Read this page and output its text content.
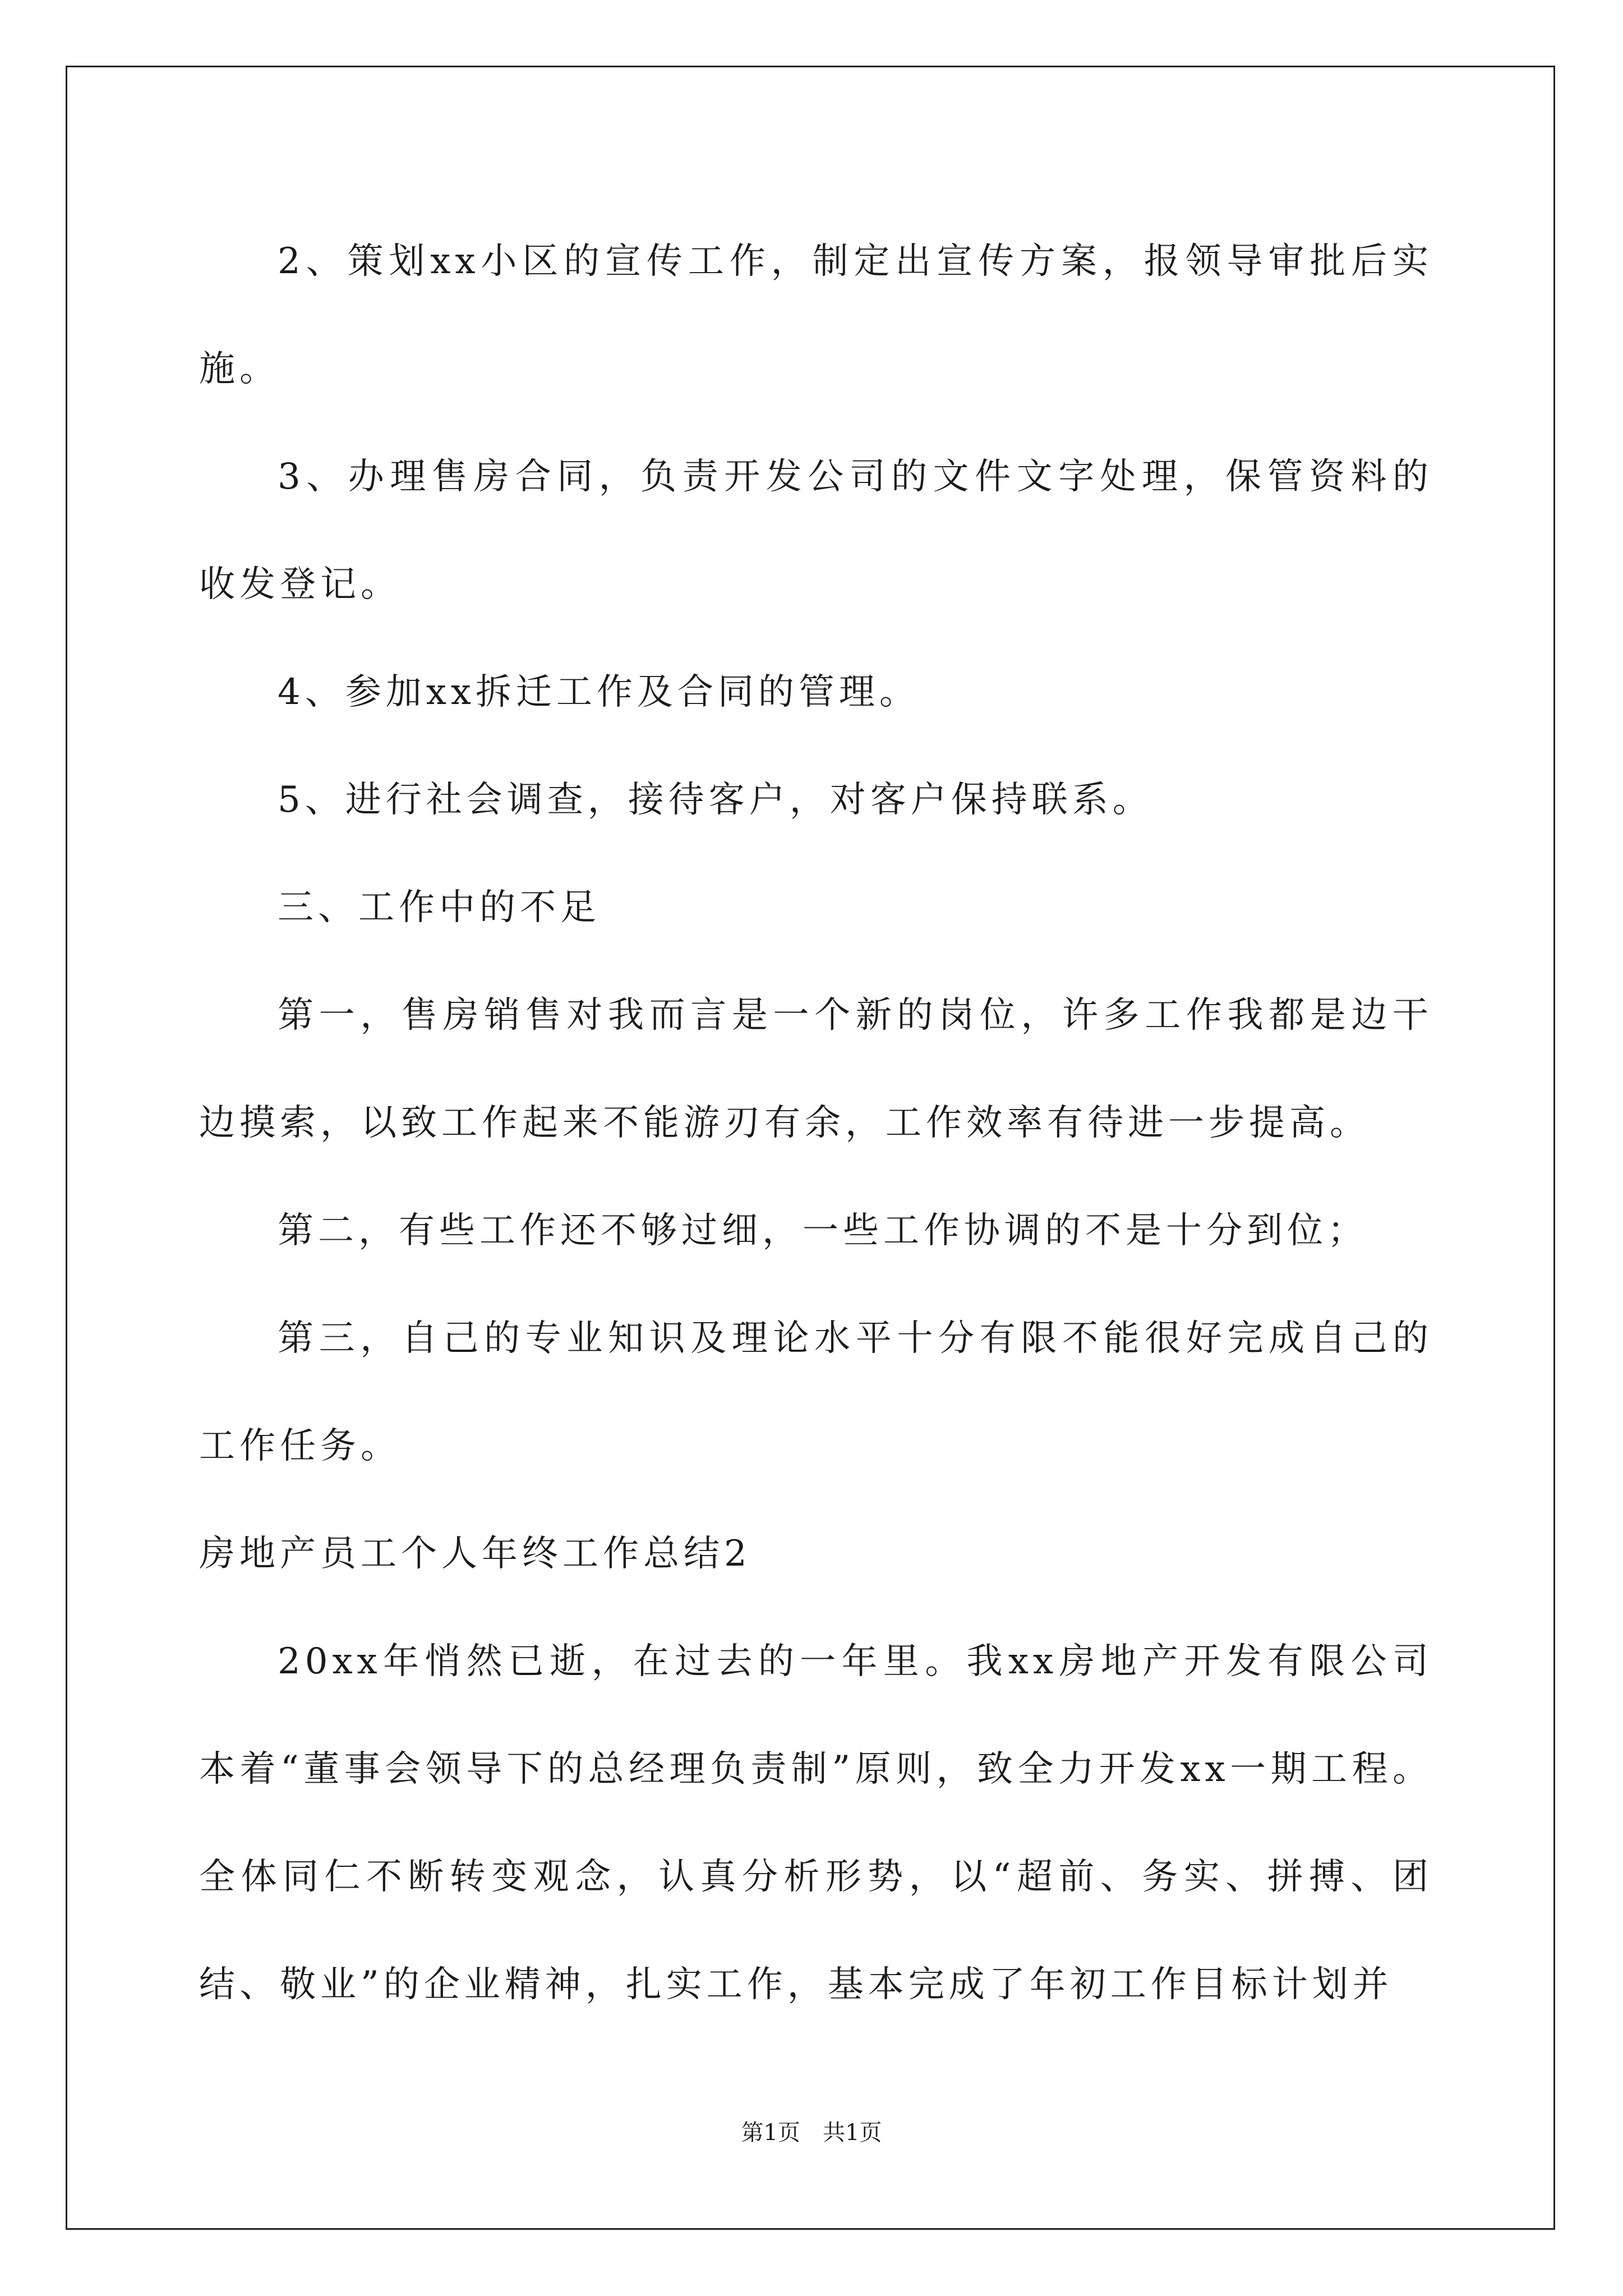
2、策划xx小区的宣传工作，制定出宣传方案，报领导审批后实施。

3、办理售房合同，负责开发公司的文件文字处理，保管资料的收发登记。

4、参加xx拆迁工作及合同的管理。

5、进行社会调查，接待客户，对客户保持联系。

三、工作中的不足

第一，售房销售对我而言是一个新的岗位，许多工作我都是边干边摸索，以致工作起来不能游刃有余，工作效率有待进一步提高。

第二，有些工作还不够过细，一些工作协调的不是十分到位；

第三，自己的专业知识及理论水平十分有限不能很好完成自己的工作任务。

房地产员工个人年终工作总结2

20xx年悄然已逝，在过去的一年里。我xx房地产开发有限公司本着“董事会领导下的总经理负责制”原则，致全力开发xx一期工程。全体同仁不断转变观念，认真分析形势，以“超前、务实、拼搏、团结、敬业”的企业精神，扎实工作，基本完成了年初工作目标计划并

第1页　共1页
